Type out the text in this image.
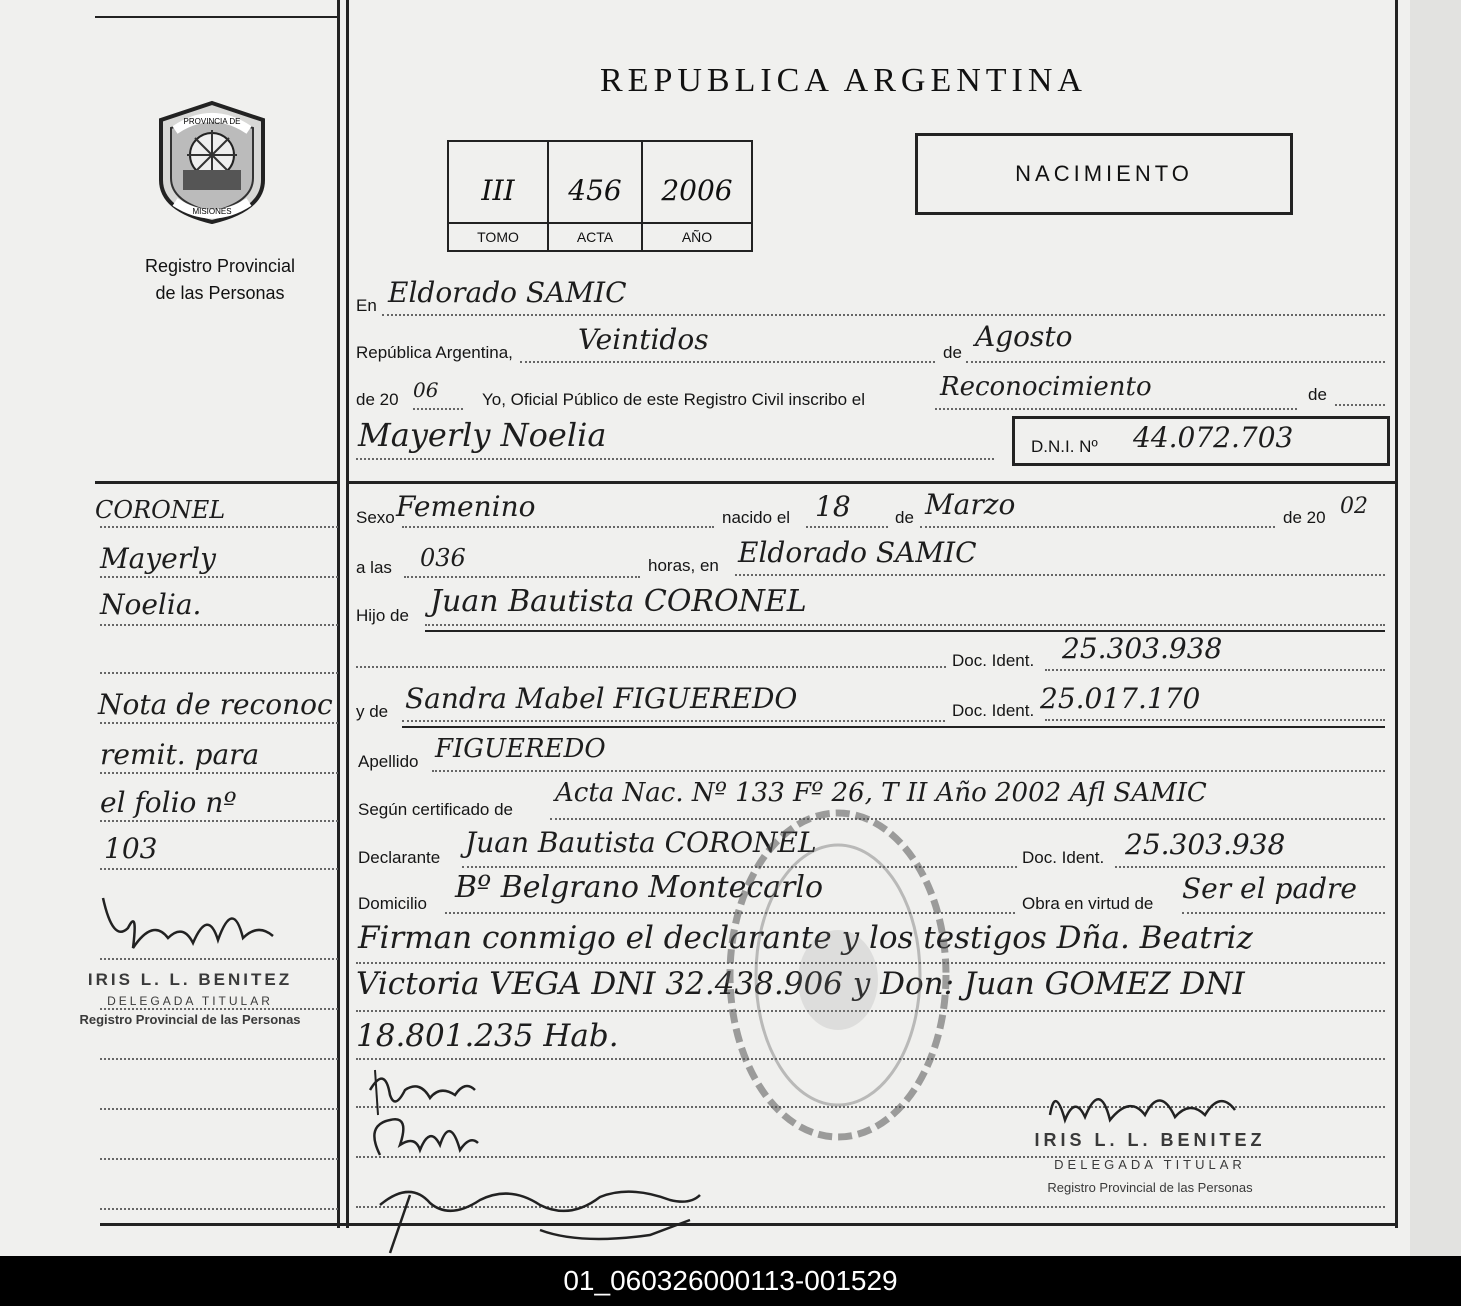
PROVINCIA DE
MISIONES
Registro Provincial
de las Personas
REPUBLICA ARGENTINA
III
TOMO
456
ACTA
2006
AÑO
NACIMIENTO
CORONEL
Mayerly
Noelia.
Nota de reconoc
remit. para
el folio nº
103
IRIS L. L. BENITEZ
DELEGADA TITULAR
Registro Provincial de las Personas
En Eldorado SAMIC
República Argentina, Veintidos	de Agosto
de 20 06	Yo, Oficial Público de este Registro Civil inscribo el	Reconocimiento	de
Mayerly Noelia	D.N.I. Nº 44.072.703
Sexo Femenino	nacido el 18	de Marzo	de 20 02
a las 036	horas, en Eldorado SAMIC
Hijo de Juan Bautista CORONEL
Doc. Ident. 25.303.938
y de Sandra Mabel FIGUEREDO	Doc. Ident. 25.017.170
Apellido FIGUEREDO
Según certificado de
Acta Nac. Nº 133 Fº 26, T II Año 2002 Afl SAMIC
Declarante Juan Bautista CORONEL	Doc. Ident. 25.303.938
Domicilio Bº Belgrano Montecarlo	Obra en virtud de Ser el padre
Firman conmigo el declarante y los testigos Dña. Beatriz
Victoria VEGA DNI 32.438.906 y Don: Juan GOMEZ DNI
18.801.235 Hab.
IRIS L. L. BENITEZ
DELEGADA TITULAR
Registro Provincial de las Personas
01_060326000113-001529
